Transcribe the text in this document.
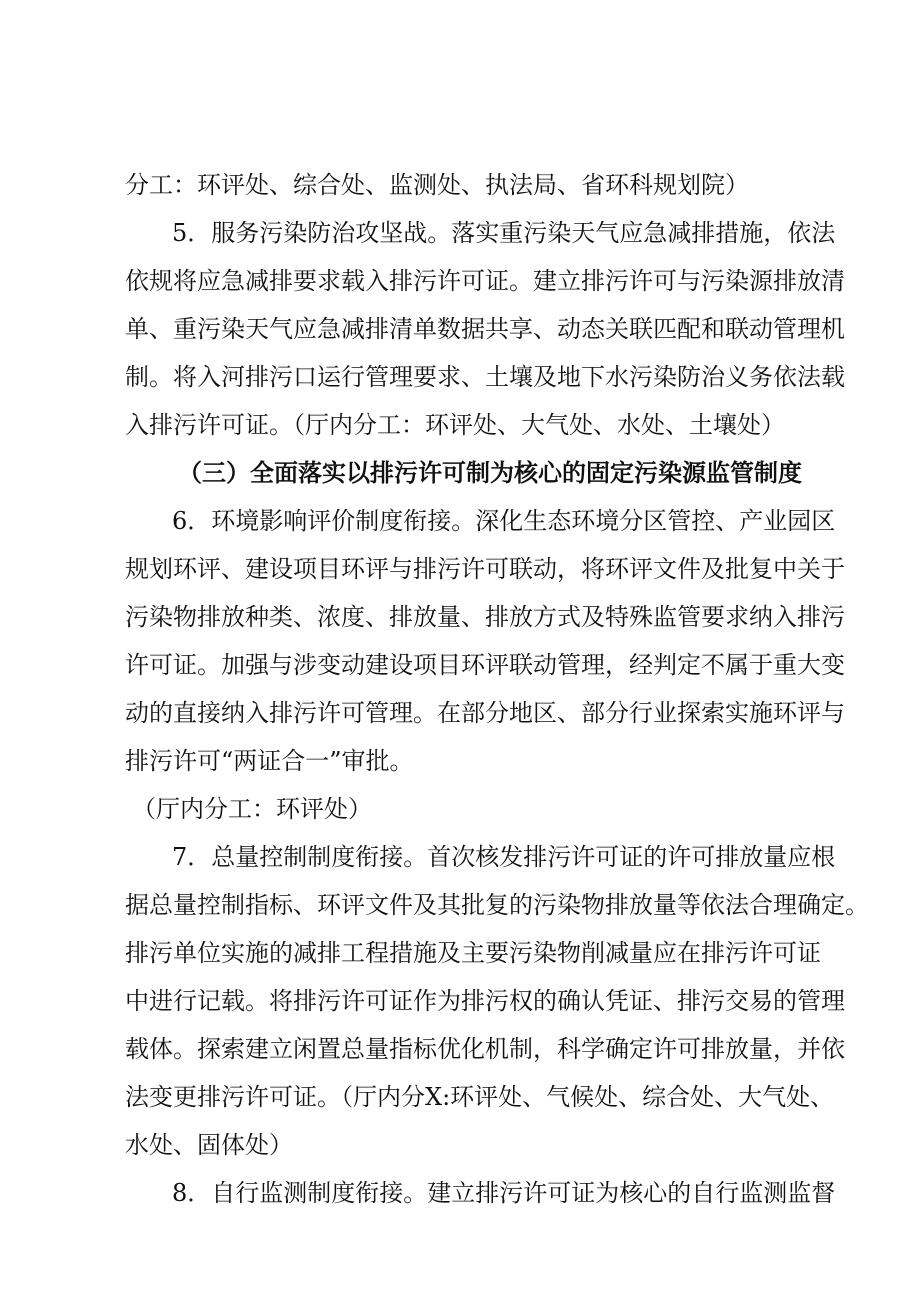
分工：环评处、综合处、监测处、执法局、省环科规划院）
5．服务污染防治攻坚战。落实重污染天气应急减排措施，依法
依规将应急减排要求载入排污许可证。建立排污许可与污染源排放清
单、重污染天气应急减排清单数据共享、动态关联匹配和联动管理机
制。将入河排污口运行管理要求、土壤及地下水污染防治义务依法载
入排污许可证。（厅内分工：环评处、大气处、水处、土壤处）
（三）全面落实以排污许可制为核心的固定污染源监管制度
6．环境影响评价制度衔接。深化生态环境分区管控、产业园区
规划环评、建设项目环评与排污许可联动，将环评文件及批复中关于
污染物排放种类、浓度、排放量、排放方式及特殊监管要求纳入排污
许可证。加强与涉变动建设项目环评联动管理，经判定不属于重大变
动的直接纳入排污许可管理。在部分地区、部分行业探索实施环评与
排污许可“两证合一”审批。
（厅内分工：环评处）
7．总量控制制度衔接。首次核发排污许可证的许可排放量应根
据总量控制指标、环评文件及其批复的污染物排放量等依法合理确定。
排污单位实施的减排工程措施及主要污染物削减量应在排污许可证
中进行记载。将排污许可证作为排污权的确认凭证、排污交易的管理
载体。探索建立闲置总量指标优化机制，科学确定许可排放量，并依
法变更排污许可证。（厅内分X:环评处、气候处、综合处、大气处、
水处、固体处）
8．自行监测制度衔接。建立排污许可证为核心的自行监测监督
